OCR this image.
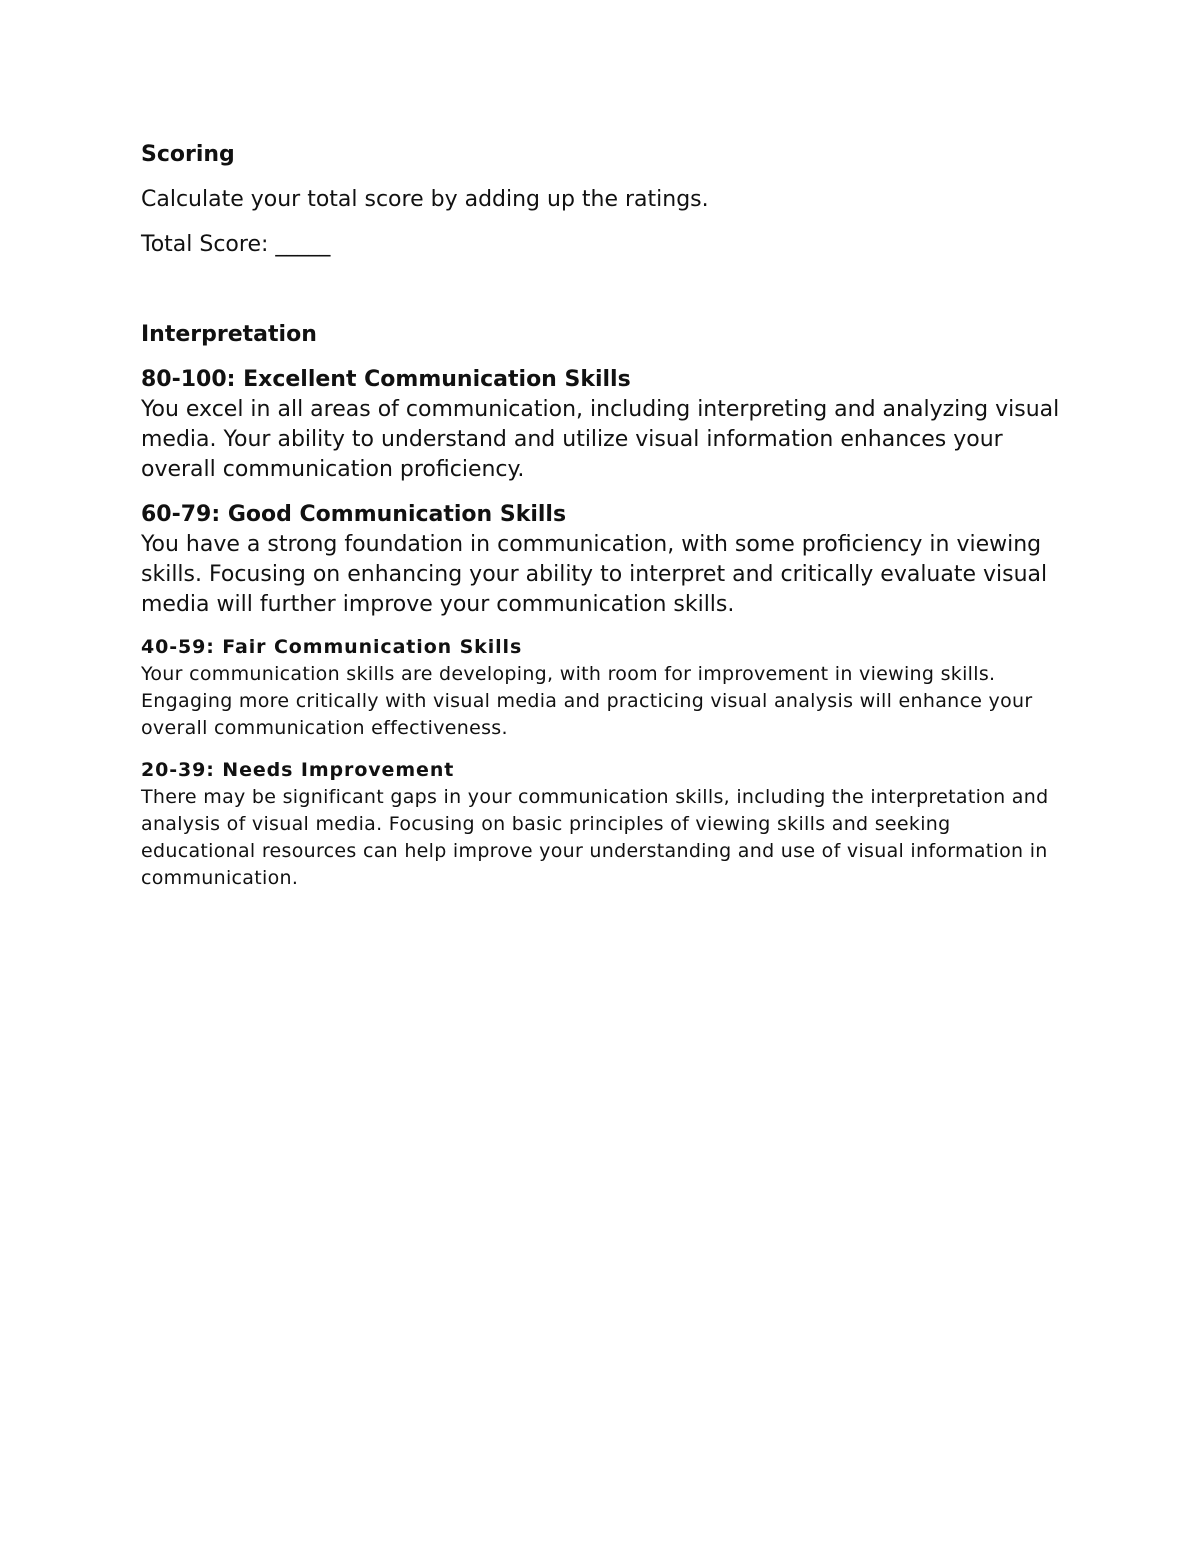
Scoring

Calculate your total score by adding up the ratings.

Total Score: _____

Interpretation

80-100: Excellent Communication Skills

You excel in all areas of communication, including interpreting and analyzing visual media. Your ability to understand and utilize visual information enhances your overall communication proficiency.

60-79: Good Communication Skills

You have a strong foundation in communication, with some proficiency in viewing skills. Focusing on enhancing your ability to interpret and critically evaluate visual media will further improve your communication skills.

40-59: Fair Communication Skills

Your communication skills are developing, with room for improvement in viewing skills. Engaging more critically with visual media and practicing visual analysis will enhance your overall communication effectiveness.

20-39: Needs Improvement

There may be significant gaps in your communication skills, including the interpretation and analysis of visual media. Focusing on basic principles of viewing skills and seeking educational resources can help improve your understanding and use of visual information in communication.
